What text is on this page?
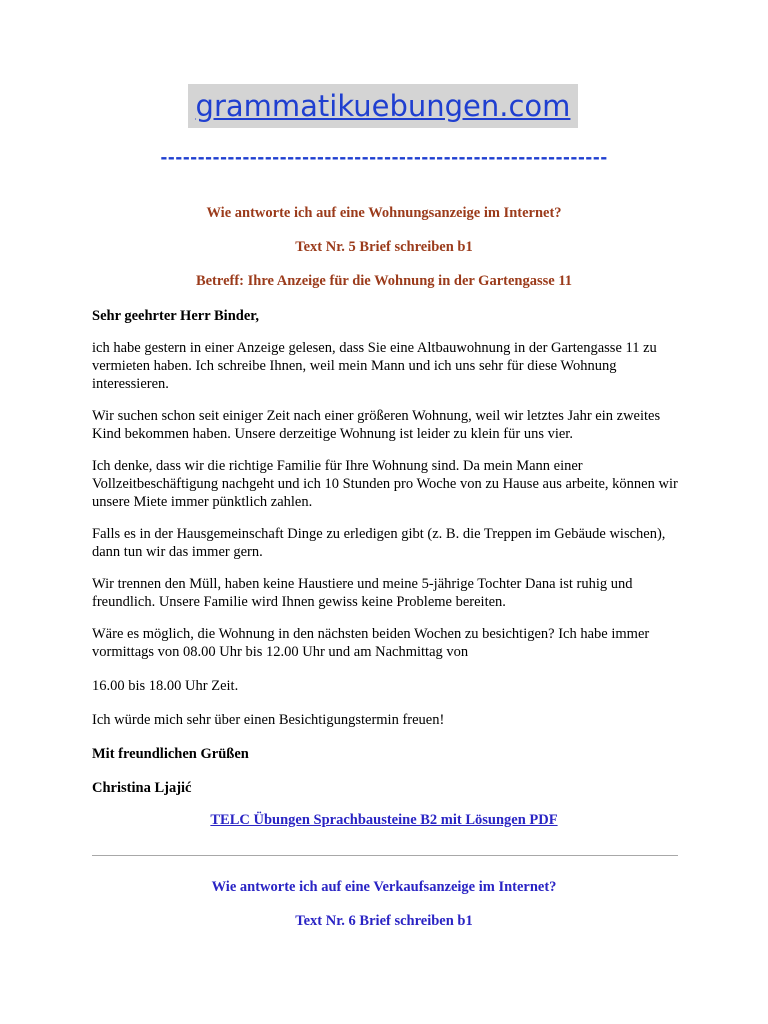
grammatikuebungen.com
------------------------------------------------------------
Wie antworte ich auf eine Wohnungsanzeige im Internet?
Text Nr. 5 Brief schreiben b1
Betreff: Ihre Anzeige für die Wohnung in der Gartengasse 11
Sehr geehrter Herr Binder,
ich habe gestern in einer Anzeige gelesen, dass Sie eine Altbauwohnung in der Gartengasse 11 zu vermieten haben. Ich schreibe Ihnen, weil mein Mann und ich uns sehr für diese Wohnung interessieren.
Wir suchen schon seit einiger Zeit nach einer größeren Wohnung, weil wir letztes Jahr ein zweites Kind bekommen haben. Unsere derzeitige Wohnung ist leider zu klein für uns vier.
Ich denke, dass wir die richtige Familie für Ihre Wohnung sind. Da mein Mann einer Vollzeitbeschäftigung nachgeht und ich 10 Stunden pro Woche von zu Hause aus arbeite, können wir unsere Miete immer pünktlich zahlen.
Falls es in der Hausgemeinschaft Dinge zu erledigen gibt (z. B. die Treppen im Gebäude wischen), dann tun wir das immer gern.
Wir trennen den Müll, haben keine Haustiere und meine 5-jährige Tochter Dana ist ruhig und freundlich. Unsere Familie wird Ihnen gewiss keine Probleme bereiten.
Wäre es möglich, die Wohnung in den nächsten beiden Wochen zu besichtigen? Ich habe immer vormittags von 08.00 Uhr bis 12.00 Uhr und am Nachmittag von
16.00 bis 18.00 Uhr Zeit.
Ich würde mich sehr über einen Besichtigungstermin freuen!
Mit freundlichen Grüßen
Christina Ljajić
TELC Übungen Sprachbausteine B2 mit Lösungen PDF
Wie antworte ich auf eine Verkaufsanzeige im Internet?
Text Nr. 6 Brief schreiben b1
